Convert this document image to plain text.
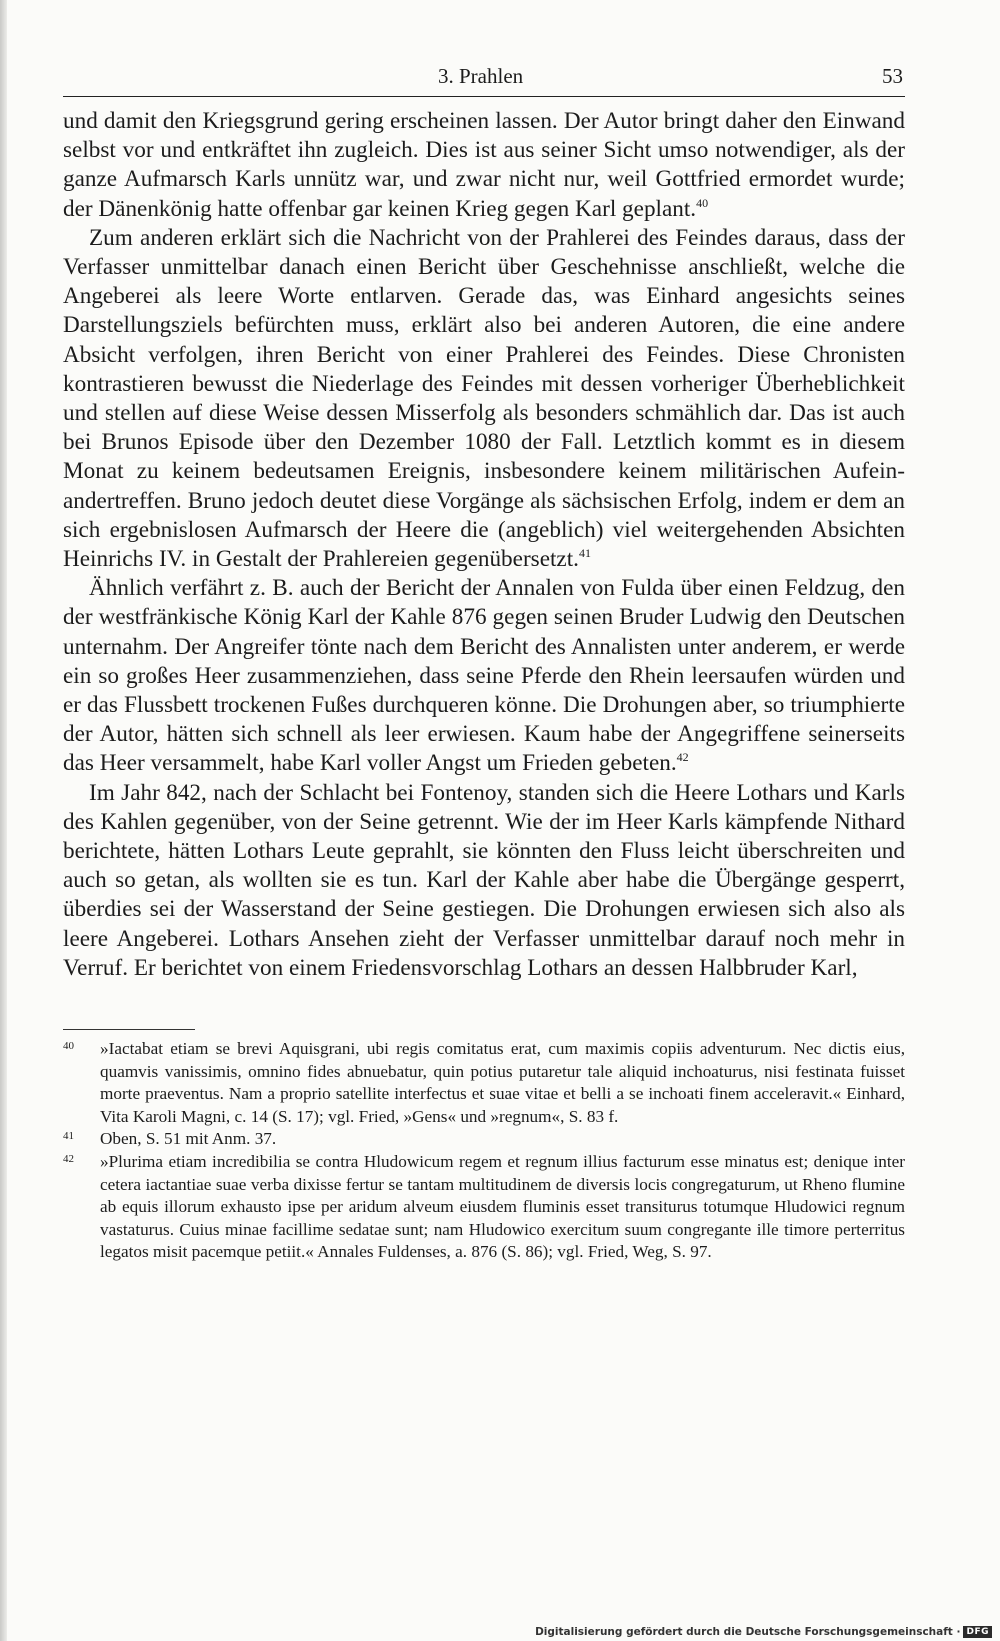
3. Prahlen	53

und damit den Kriegsgrund gering erscheinen lassen. Der Autor bringt daher den Einwand selbst vor und entkräftet ihn zugleich. Dies ist aus seiner Sicht umso notwendiger, als der ganze Aufmarsch Karls unnütz war, und zwar nicht nur, weil Gottfried ermordet wurde; der Dänenkönig hatte offenbar gar keinen Krieg gegen Karl geplant.$^{40}$

Zum anderen erklärt sich die Nachricht von der Prahlerei des Feindes daraus, dass der Verfasser unmittelbar danach einen Bericht über Geschehnisse anschließt, welche die Angeberei als leere Worte entlarven. Gerade das, was Einhard angesichts seines Darstellungsziels befürchten muss, erklärt also bei anderen Autoren, die eine andere Absicht verfolgen, ihren Bericht von einer Prahlerei des Feindes. Diese Chronisten kontrastieren bewusst die Niederlage des Feindes mit dessen vorheriger Überheblichkeit und stellen auf diese Weise dessen Misserfolg als besonders schmählich dar. Das ist auch bei Brunos Episode über den Dezember 1080 der Fall. Letztlich kommt es in diesem Monat zu keinem bedeutsamen Ereignis, insbesondere keinem militärischen Aufeinandertreffen. Bruno jedoch deutet diese Vorgänge als sächsischen Erfolg, indem er dem an sich ergebnislosen Aufmarsch der Heere die (angeblich) viel weitergehenden Absichten Heinrichs IV. in Gestalt der Prahlereien gegenübersetzt.$^{41}$

Ähnlich verfährt z. B. auch der Bericht der Annalen von Fulda über einen Feldzug, den der westfränkische König Karl der Kahle 876 gegen seinen Bruder Ludwig den Deutschen unternahm. Der Angreifer tönte nach dem Bericht des Annalisten unter anderem, er werde ein so großes Heer zusammenziehen, dass seine Pferde den Rhein leersaufen würden und er das Flussbett trockenen Fußes durchqueren könne. Die Drohungen aber, so triumphierte der Autor, hätten sich schnell als leer erwiesen. Kaum habe der Angegriffene seinerseits das Heer versammelt, habe Karl voller Angst um Frieden gebeten.$^{42}$

Im Jahr 842, nach der Schlacht bei Fontenoy, standen sich die Heere Lothars und Karls des Kahlen gegenüber, von der Seine getrennt. Wie der im Heer Karls kämpfende Nithard berichtete, hätten Lothars Leute geprahlt, sie könnten den Fluss leicht überschreiten und auch so getan, als wollten sie es tun. Karl der Kahle aber habe die Übergänge gesperrt, überdies sei der Wasserstand der Seine gestiegen. Die Drohungen erwiesen sich also als leere Angeberei. Lothars Ansehen zieht der Verfasser unmittelbar darauf noch mehr in Verruf. Er berichtet von einem Friedensvorschlag Lothars an dessen Halbbruder Karl,

40 »Iactabat etiam se brevi Aquisgrani, ubi regis comitatus erat, cum maximis copiis adventurum. Nec dictis eius, quamvis vanissimis, omnino fides abnuebatur, quin potius putaretur tale aliquid inchoaturus, nisi festinata fuisset morte praeventus. Nam a proprio satellite interfectus et suae vitae et belli a se inchoati finem acceleravit.« Einhard, Vita Karoli Magni, c. 14 (S. 17); vgl. Fried, »Gens« und »regnum«, S. 83 f.
41 Oben, S. 51 mit Anm. 37.
42 »Plurima etiam incredibilia se contra Hludowicum regem et regnum illius facturum esse minatus est; denique inter cetera iactantiae suae verba dixisse fertur se tantam multitudinem de diversis locis congregaturum, ut Rheno flumine ab equis illorum exhausto ipse per aridum alveum eiusdem fluminis esset transiturus totumque Hludowici regnum vastaturus. Cuius minae facillime sedatae sunt; nam Hludowico exercitum suum congregante ille timore perterritus legatos misit pacemque petiit.« Annales Fuldenses, a. 876 (S. 86); vgl. Fried, Weg, S. 97.
Digitalisierung gefördert durch die Deutsche Forschungsgemeinschaft · DFG
